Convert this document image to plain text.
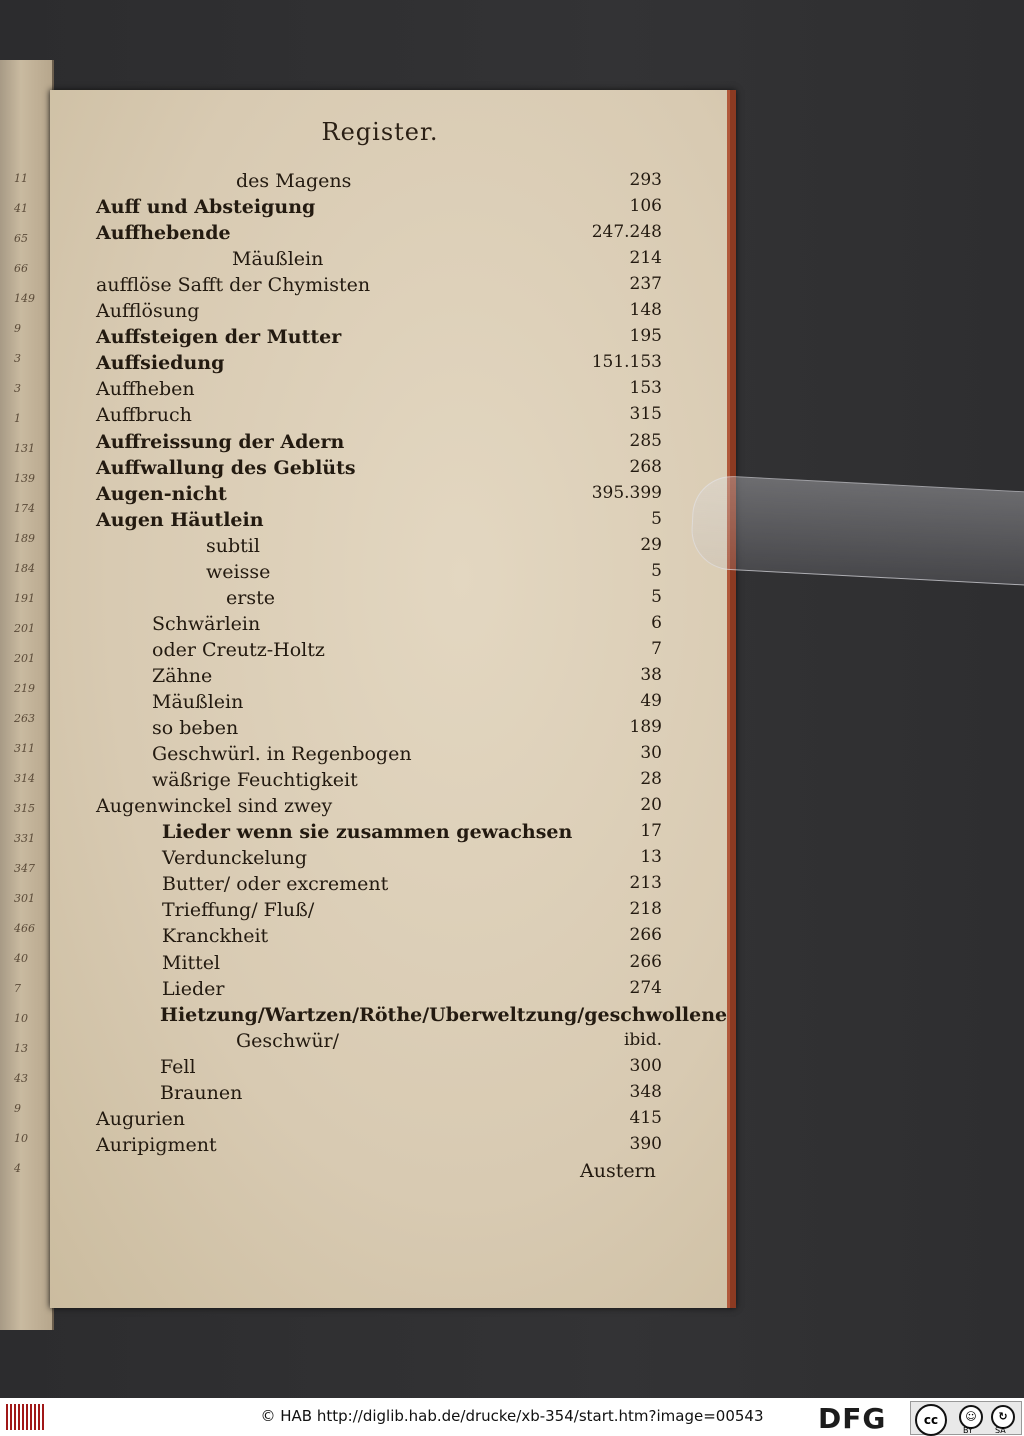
11
41
65
66
149
9
3
3
1
131
139
174
189
184
191
201
201
219
263
311
314
315
331
347
301
466
40
7
10
13
43
9
10
4
Register.
des Magens	293
Auff und Absteigung	106
Auffhebende	247.248
Mäußlein	214
aufflöse Safft der Chymisten	237
Aufflösung	148
Auffsteigen der Mutter	195
Auffsiedung	151.153
Auffheben	153
Auffbruch	315
Auffreissung der Adern	285
Auffwallung des Geblüts	268
Augen-nicht	395.399
Augen Häutlein	5
subtil	29
weisse	5
erste	5
Schwärlein	6
oder Creutz-Holtz	7
Zähne	38
Mäußlein	49
so beben	189
Geschwürl. in Regenbogen	30
wäßrige Feuchtigkeit	28
Augenwinckel sind zwey	20
Lieder wenn sie zusammen gewachsen	17
Verdunckelung	13
Butter/ oder excrement	213
Trieffung/ Fluß/	218
Kranckheit	266
Mittel	266
Lieder	274
Hietzung/Wartzen/Röthe/Uberweltzung/geschwollene
Geschwür/	ibid.
Fell	300
Braunen	348
Augurien	415
Auripigment	390
Austern
© HAB http://diglib.hab.de/drucke/xb-354/start.htm?image=00543	DFG	cc	☺	↻
BY	SA
